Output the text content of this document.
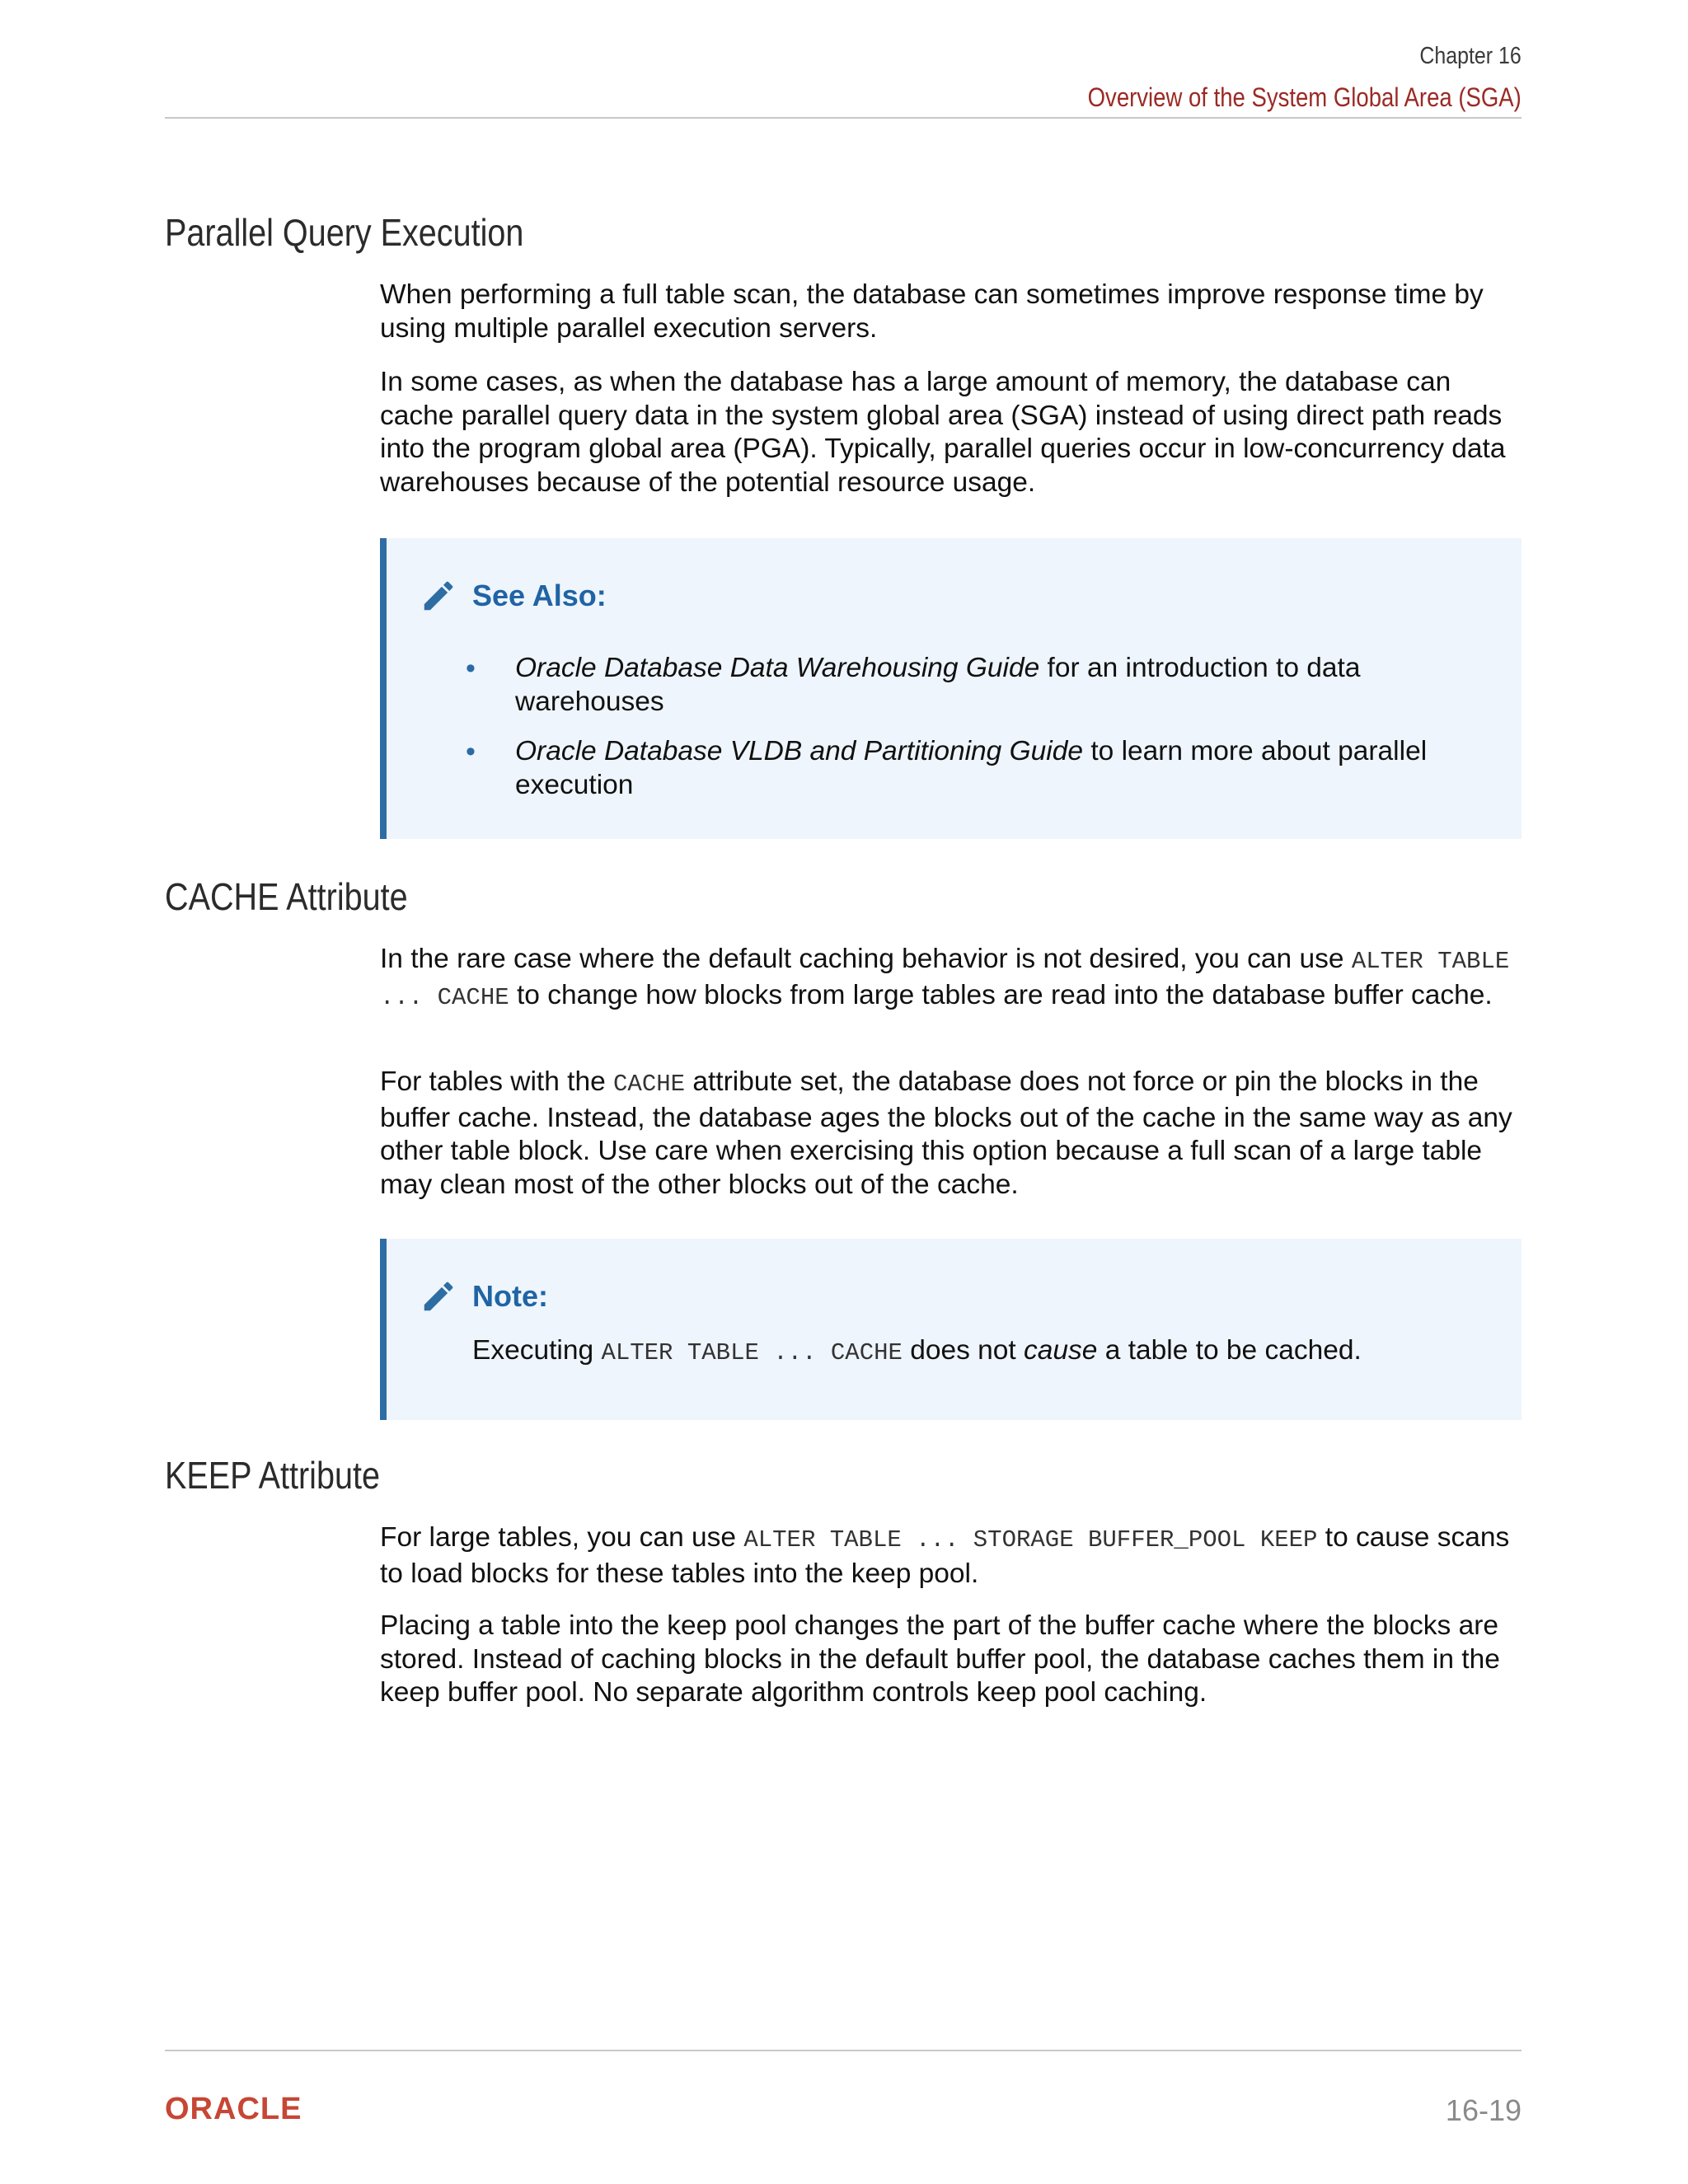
Chapter 16
Overview of the System Global Area (SGA)
Parallel Query Execution

When performing a full table scan, the database can sometimes improve response time by using multiple parallel execution servers.

In some cases, as when the database has a large amount of memory, the database can cache parallel query data in the system global area (SGA) instead of using direct path reads into the program global area (PGA). Typically, parallel queries occur in low-concurrency data warehouses because of the potential resource usage.

See Also:
• Oracle Database Data Warehousing Guide for an introduction to data warehouses
• Oracle Database VLDB and Partitioning Guide to learn more about parallel execution
CACHE Attribute

In the rare case where the default caching behavior is not desired, you can use ALTER TABLE ... CACHE to change how blocks from large tables are read into the database buffer cache.

For tables with the CACHE attribute set, the database does not force or pin the blocks in the buffer cache. Instead, the database ages the blocks out of the cache in the same way as any other table block. Use care when exercising this option because a full scan of a large table may clean most of the other blocks out of the cache.

Note:
Executing ALTER TABLE ... CACHE does not cause a table to be cached.
KEEP Attribute

For large tables, you can use ALTER TABLE ... STORAGE BUFFER_POOL KEEP to cause scans to load blocks for these tables into the keep pool.

Placing a table into the keep pool changes the part of the buffer cache where the blocks are stored. Instead of caching blocks in the default buffer pool, the database caches them in the keep buffer pool. No separate algorithm controls keep pool caching.

ORACLE	16-19
